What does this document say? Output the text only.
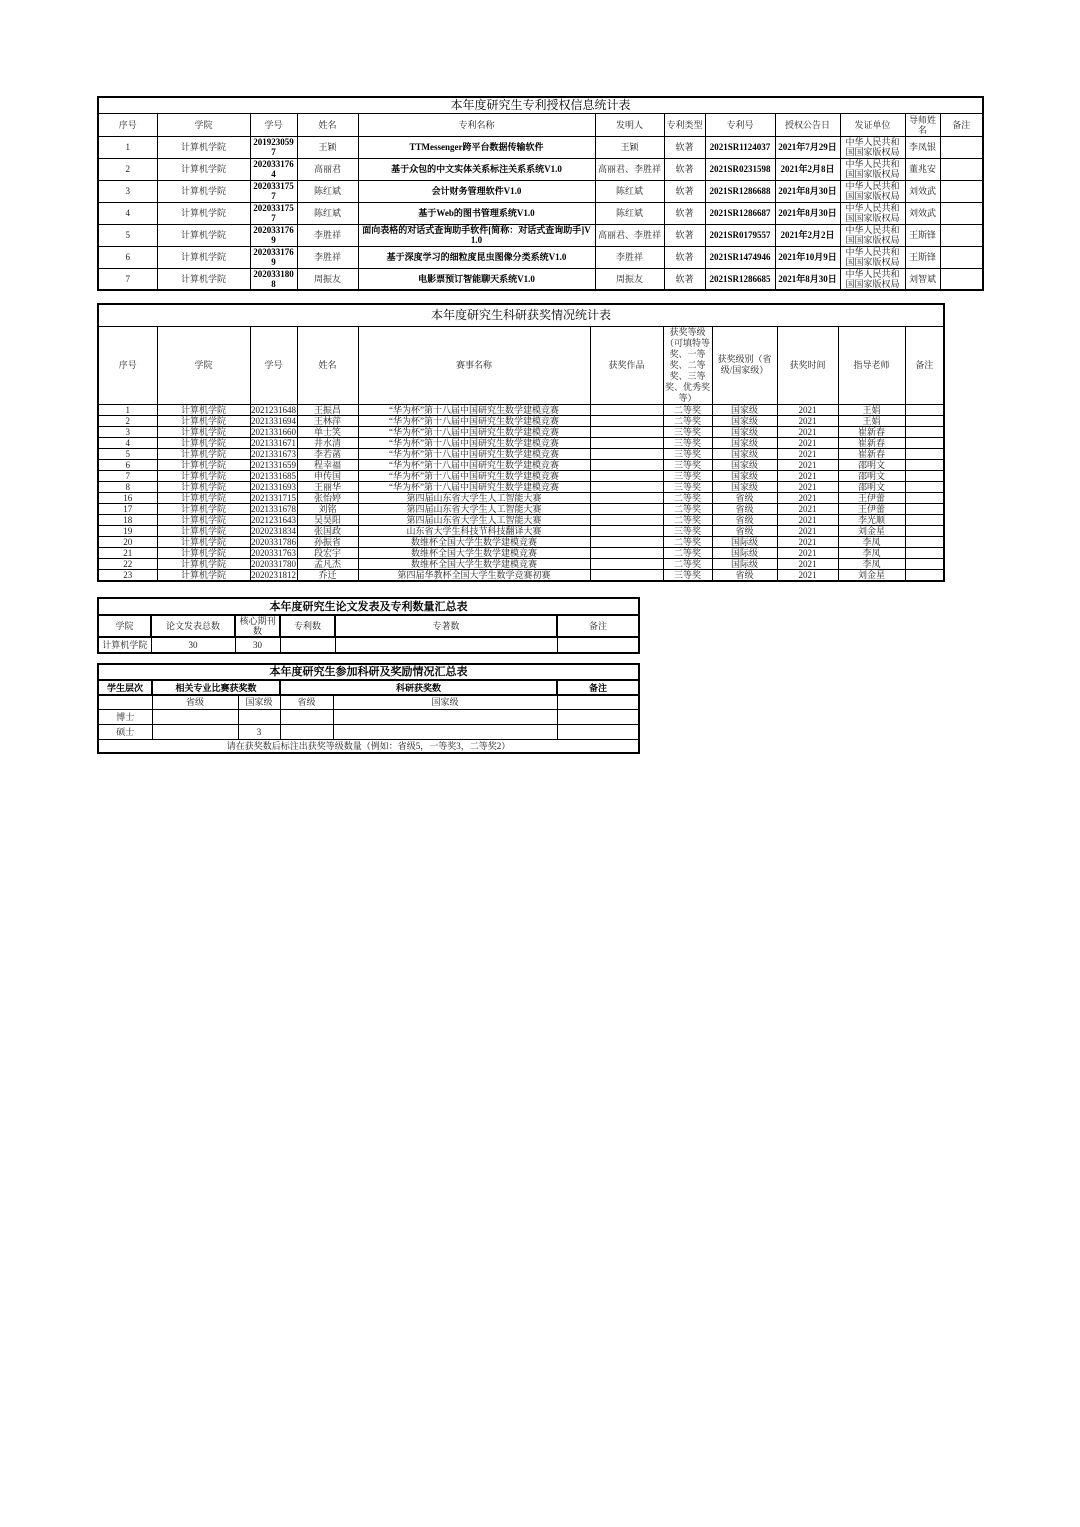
本年度研究生专利授权信息统计表											
序号	学院	学号	姓名	专利名称	发明人	专利类型	专利号	授权公告日	发证单位	导师姓名	备注
1	计算机学院	2019230597	王颖	TTMessenger跨平台数据传输软件	王颖	软著	2021SR1124037	2021年7月29日	中华人民共和国国家版权局	李凤银	
2	计算机学院	2020331764	高丽君	基于众包的中文实体关系标注关系系统V1.0	高丽君、李胜祥	软著	2021SR0231598	2021年2月8日	中华人民共和国国家版权局	董兆安	
3	计算机学院	2020331757	陈红斌	会计财务管理软件V1.0	陈红斌	软著	2021SR1286688	2021年8月30日	中华人民共和国国家版权局	刘效武	
4	计算机学院	2020331757	陈红斌	基于Web的图书管理系统V1.0	陈红斌	软著	2021SR1286687	2021年8月30日	中华人民共和国国家版权局	刘效武	
5	计算机学院	2020331769	李胜祥	面向表格的对话式查询助手软件[简称：对话式查询助手]V1.0	高丽君、李胜祥	软著	2021SR0179557	2021年2月2日	中华人民共和国国家版权局	王斯锋	
6	计算机学院	2020331769	李胜祥	基于深度学习的细粒度昆虫图像分类系统V1.0	李胜祥	软著	2021SR1474946	2021年10月9日	中华人民共和国国家版权局	王斯锋	
7	计算机学院	2020331808	周振友	电影票预订智能聊天系统V1.0	周振友	软著	2021SR1286685	2021年8月30日	中华人民共和国国家版权局	刘智斌	
本年度研究生科研获奖情况统计表										
序号	学院	学号	姓名	赛事名称	获奖作品	获奖等级（可填特等奖、一等奖、二等奖、三等奖、优秀奖等）	获奖级别（省级/国家级）	获奖时间	指导老师	备注
1	计算机学院	2021231648	王振昌	“华为杯”第十八届中国研究生数学建模竞赛		二等奖	国家级	2021	王娟	
2	计算机学院	2021331694	王林萍	“华为杯”第十八届中国研究生数学建模竞赛		二等奖	国家级	2021	王娟	
3	计算机学院	2021331660	单士笑	“华为杯”第十八届中国研究生数学建模竞赛		三等奖	国家级	2021	崔新春	
4	计算机学院	2021331671	井水清	“华为杯”第十八届中国研究生数学建模竞赛		三等奖	国家级	2021	崔新春	
5	计算机学院	2021331673	李若菡	“华为杯”第十八届中国研究生数学建模竞赛		三等奖	国家级	2021	崔新春	
6	计算机学院	2021331659	程幸福	“华为杯”第十八届中国研究生数学建模竞赛		三等奖	国家级	2021	邵明文	
7	计算机学院	2021331685	申传国	“华为杯”第十八届中国研究生数学建模竞赛		三等奖	国家级	2021	邵明文	
8	计算机学院	2021331693	王丽华	“华为杯”第十八届中国研究生数学建模竞赛		三等奖	国家级	2021	邵明文	
16	计算机学院	2021331715	张怡婷	第四届山东省大学生人工智能大赛		二等奖	省级	2021	王伊蕾	
17	计算机学院	2021331678	刘铭	第四届山东省大学生人工智能大赛		二等奖	省级	2021	王伊蕾	
18	计算机学院	2021231643	吴昊阳	第四届山东省大学生人工智能大赛		二等奖	省级	2021	李光顺	
19	计算机学院	2020231834	张国政	山东省大学生科技节科技翻译大赛		三等奖	省级	2021	刘金星	
20	计算机学院	2020331786	孙振省	数维杯全国大学生数学建模竞赛		二等奖	国际级	2021	李凤	
21	计算机学院	2020331763	段宏宇	数维杯全国大学生数学建模竞赛		二等奖	国际级	2021	李凤	
22	计算机学院	2020331780	孟凡杰	数维杯全国大学生数学建模竞赛		二等奖	国际级	2021	李凤	
23	计算机学院	2020231812	乔迁	第四届华教杯全国大学生数学竞赛初赛		三等奖	省级	2021	刘金星	
本年度研究生论文发表及专利数量汇总表					
学院	论文发表总数	核心期刊数	专利数	专著数	备注
计算机学院	30	30			
本年度研究生参加科研及奖励情况汇总表					
学生层次	相关专业比赛获奖数		科研获奖数		备注
	省级	国家级	省级	国家级	
博士					
硕士		3			
请在获奖数后标注出获奖等级数量（例如：省级5，一等奖3，二等奖2）					
